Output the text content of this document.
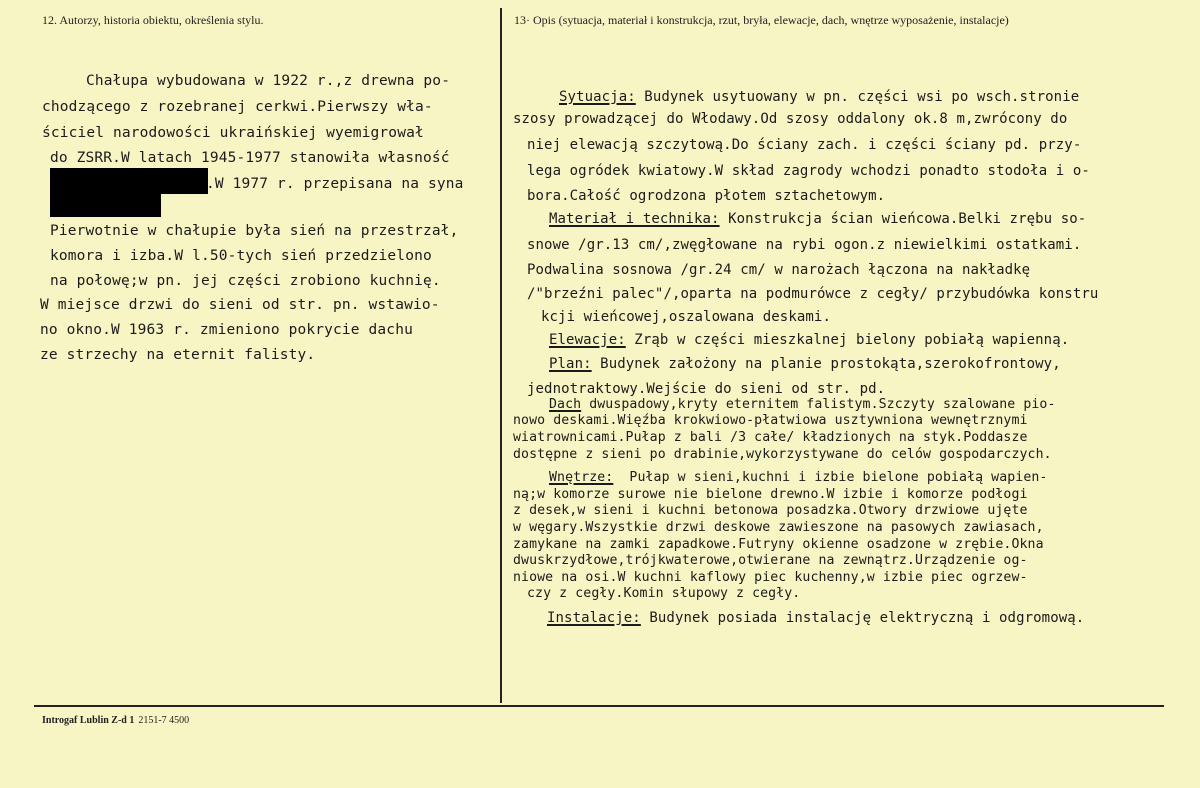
12. Autorzy, historia obiektu, określenia stylu.	13· Opis (sytuacja, materiał i konstrukcja, rzut, bryła, elewacje, dach, wnętrze wyposażenie, instalacje)
Chałupa wybudowana w 1922 r.,z drewna po-
chodzącego z rozebranej cerkwi.Pierwszy wła-
ściciel narodowości ukraińskiej wyemigrował
do ZSRR.W latach 1945-1977 stanowiła własność
.W 1977 r. przepisana na syna
Pierwotnie w chałupie była sień na przestrzał,
komora i izba.W l.50-tych sień przedzielono
na połowę;w pn. jej części zrobiono kuchnię.
W miejsce drzwi do sieni od str. pn. wstawio-
no okno.W 1963 r. zmieniono pokrycie dachu
ze strzechy na eternit falisty.
Sytuacja: Budynek usytuowany w pn. części wsi po wsch.stronie
szosy prowadzącej do Włodawy.Od szosy oddalony ok.8 m,zwrócony do
niej elewacją szczytową.Do ściany zach. i części ściany pd. przy-
lega ogródek kwiatowy.W skład zagrody wchodzi ponadto stodoła i o-
bora.Całość ogrodzona płotem sztachetowym.
Materiał i technika: Konstrukcja ścian wieńcowa.Belki zrębu so-
snowe /gr.13 cm/,zwęgłowane na rybi ogon.z niewielkimi ostatkami.
Podwalina sosnowa /gr.24 cm/ w narożach łączona na nakładkę
/"brzeźni palec"/,oparta na podmurówce z cegły/ przybudówka konstru
kcji wieńcowej,oszalowana deskami.
Elewacje: Zrąb w części mieszkalnej bielony pobiałą wapienną.
Plan: Budynek założony na planie prostokąta,szerokofrontowy,
jednotraktowy.Wejście do sieni od str. pd.
Dach dwuspadowy,kryty eternitem falistym.Szczyty szalowane pio-
nowo deskami.Więźba krokwiowo-płatwiowa usztywniona wewnętrznymi
wiatrownicami.Pułap z bali /3 całe/ kładzionych na styk.Poddasze
dostępne z sieni po drabinie,wykorzystywane do celów gospodarczych.
Wnętrze:  Pułap w sieni,kuchni i izbie bielone pobiałą wapien-
ną;w komorze surowe nie bielone drewno.W izbie i komorze podłogi
z desek,w sieni i kuchni betonowa posadzka.Otwory drzwiowe ujęte
w węgary.Wszystkie drzwi deskowe zawieszone na pasowych zawiasach,
zamykane na zamki zapadkowe.Futryny okienne osadzone w zrębie.Okna
dwuskrzydłowe,trójkwaterowe,otwierane na zewnątrz.Urządzenie og-
niowe na osi.W kuchni kaflowy piec kuchenny,w izbie piec ogrzew-
czy z cegły.Komin słupowy z cegły.
Instalacje: Budynek posiada instalację elektryczną i odgromową.
Introgaf Lublin Z-d 1 2151-7 4500
